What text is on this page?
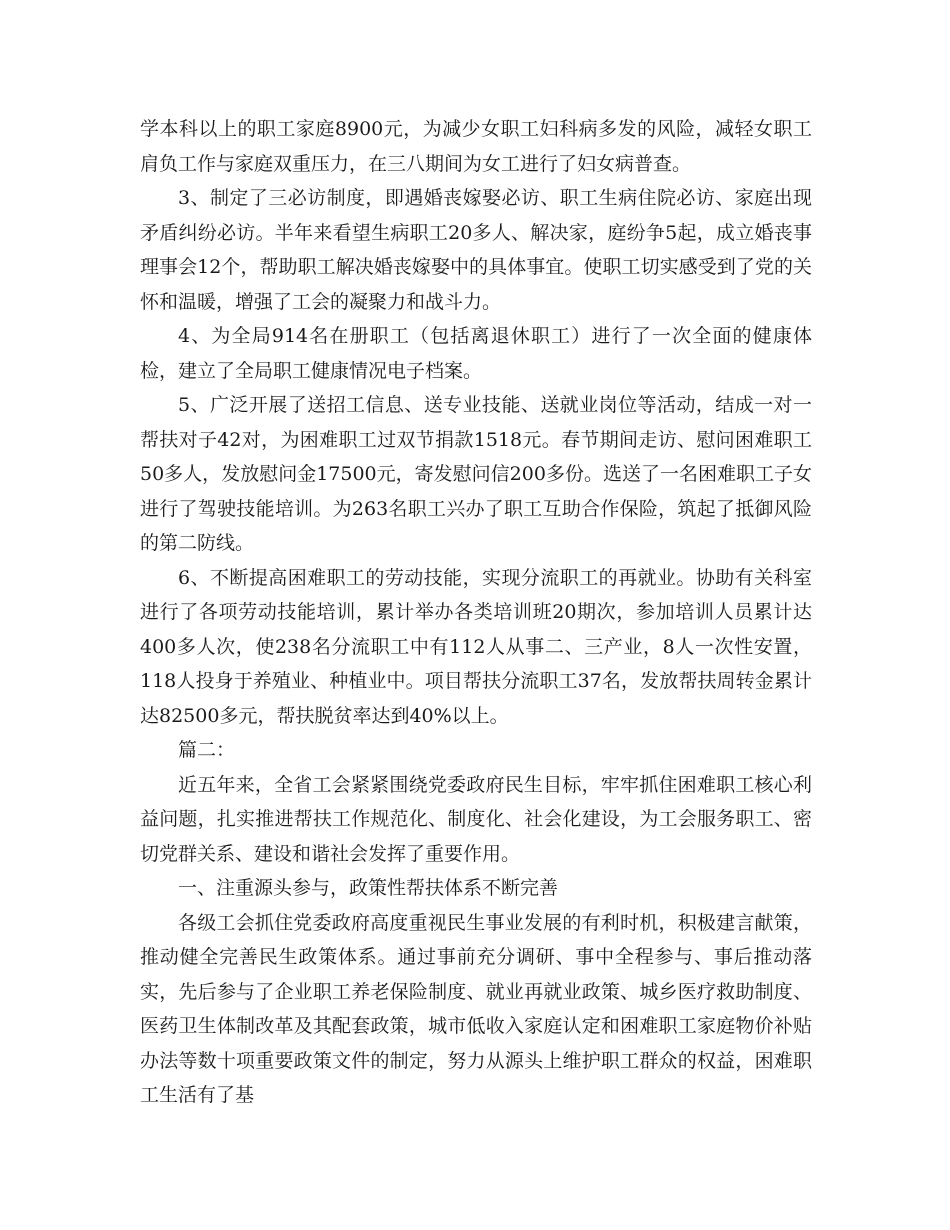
学本科以上的职工家庭8900元，为减少女职工妇科病多发的风险，减轻女职工肩负工作与家庭双重压力，在三八期间为女工进行了妇女病普查。

3、制定了三必访制度，即遇婚丧嫁娶必访、职工生病住院必访、家庭出现矛盾纠纷必访。半年来看望生病职工20多人、解决家，庭纷争5起，成立婚丧事理事会12个，帮助职工解决婚丧嫁娶中的具体事宜。使职工切实感受到了党的关怀和温暖，增强了工会的凝聚力和战斗力。

4、为全局914名在册职工（包括离退休职工）进行了一次全面的健康体检，建立了全局职工健康情况电子档案。

5、广泛开展了送招工信息、送专业技能、送就业岗位等活动，结成一对一帮扶对子42对，为困难职工过双节捐款1518元。春节期间走访、慰问困难职工50多人，发放慰问金17500元，寄发慰问信200多份。选送了一名困难职工子女进行了驾驶技能培训。为263名职工兴办了职工互助合作保险，筑起了抵御风险的第二防线。

6、不断提高困难职工的劳动技能，实现分流职工的再就业。协助有关科室进行了各项劳动技能培训，累计举办各类培训班20期次，参加培训人员累计达400多人次，使238名分流职工中有112人从事二、三产业，8人一次性安置，118人投身于养殖业、种植业中。项目帮扶分流职工37名，发放帮扶周转金累计达82500多元，帮扶脱贫率达到40%以上。

篇二：

近五年来，全省工会紧紧围绕党委政府民生目标，牢牢抓住困难职工核心利益问题，扎实推进帮扶工作规范化、制度化、社会化建设，为工会服务职工、密切党群关系、建设和谐社会发挥了重要作用。

一、注重源头参与，政策性帮扶体系不断完善

各级工会抓住党委政府高度重视民生事业发展的有利时机，积极建言献策，推动健全完善民生政策体系。通过事前充分调研、事中全程参与、事后推动落实，先后参与了企业职工养老保险制度、就业再就业政策、城乡医疗救助制度、医药卫生体制改革及其配套政策，城市低收入家庭认定和困难职工家庭物价补贴办法等数十项重要政策文件的制定，努力从源头上维护职工群众的权益，困难职工生活有了基
